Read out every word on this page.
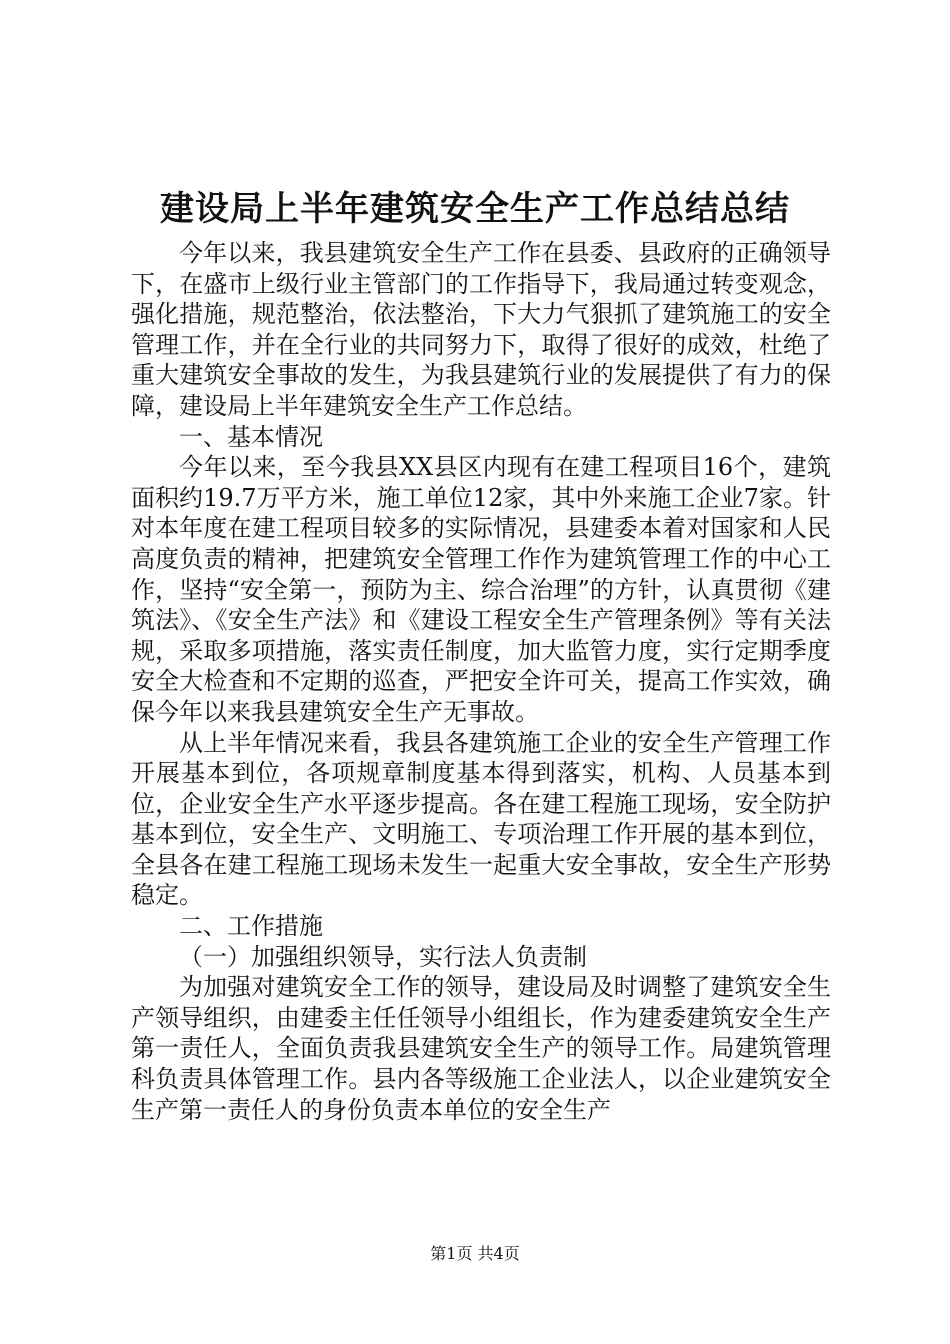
建设局上半年建筑安全生产工作总结总结

今年以来，我县建筑安全生产工作在县委、县政府的正确领导下，在盛市上级行业主管部门的工作指导下，我局通过转变观念，强化措施，规范整治，依法整治，下大力气狠抓了建筑施工的安全管理工作，并在全行业的共同努力下，取得了很好的成效，杜绝了重大建筑安全事故的发生，为我县建筑行业的发展提供了有力的保障，建设局上半年建筑安全生产工作总结。

一、基本情况

今年以来，至今我县XX县区内现有在建工程项目16个，建筑面积约19.7万平方米，施工单位12家，其中外来施工企业7家。针对本年度在建工程项目较多的实际情况，县建委本着对国家和人民高度负责的精神，把建筑安全管理工作作为建筑管理工作的中心工作，坚持“安全第一，预防为主、综合治理”的方针，认真贯彻《建筑法》、《安全生产法》和《建设工程安全生产管理条例》等有关法规，采取多项措施，落实责任制度，加大监管力度，实行定期季度安全大检查和不定期的巡查，严把安全许可关，提高工作实效，确保今年以来我县建筑安全生产无事故。

从上半年情况来看，我县各建筑施工企业的安全生产管理工作开展基本到位，各项规章制度基本得到落实，机构、人员基本到位，企业安全生产水平逐步提高。各在建工程施工现场，安全防护基本到位，安全生产、文明施工、专项治理工作开展的基本到位，全县各在建工程施工现场未发生一起重大安全事故，安全生产形势稳定。

二、工作措施

（一）加强组织领导，实行法人负责制

为加强对建筑安全工作的领导，建设局及时调整了建筑安全生产领导组织，由建委主任任领导小组组长，作为建委建筑安全生产第一责任人，全面负责我县建筑安全生产的领导工作。局建筑管理科负责具体管理工作。县内各等级施工企业法人，以企业建筑安全生产第一责任人的身份负责本单位的安全生产

第1页 共4页
